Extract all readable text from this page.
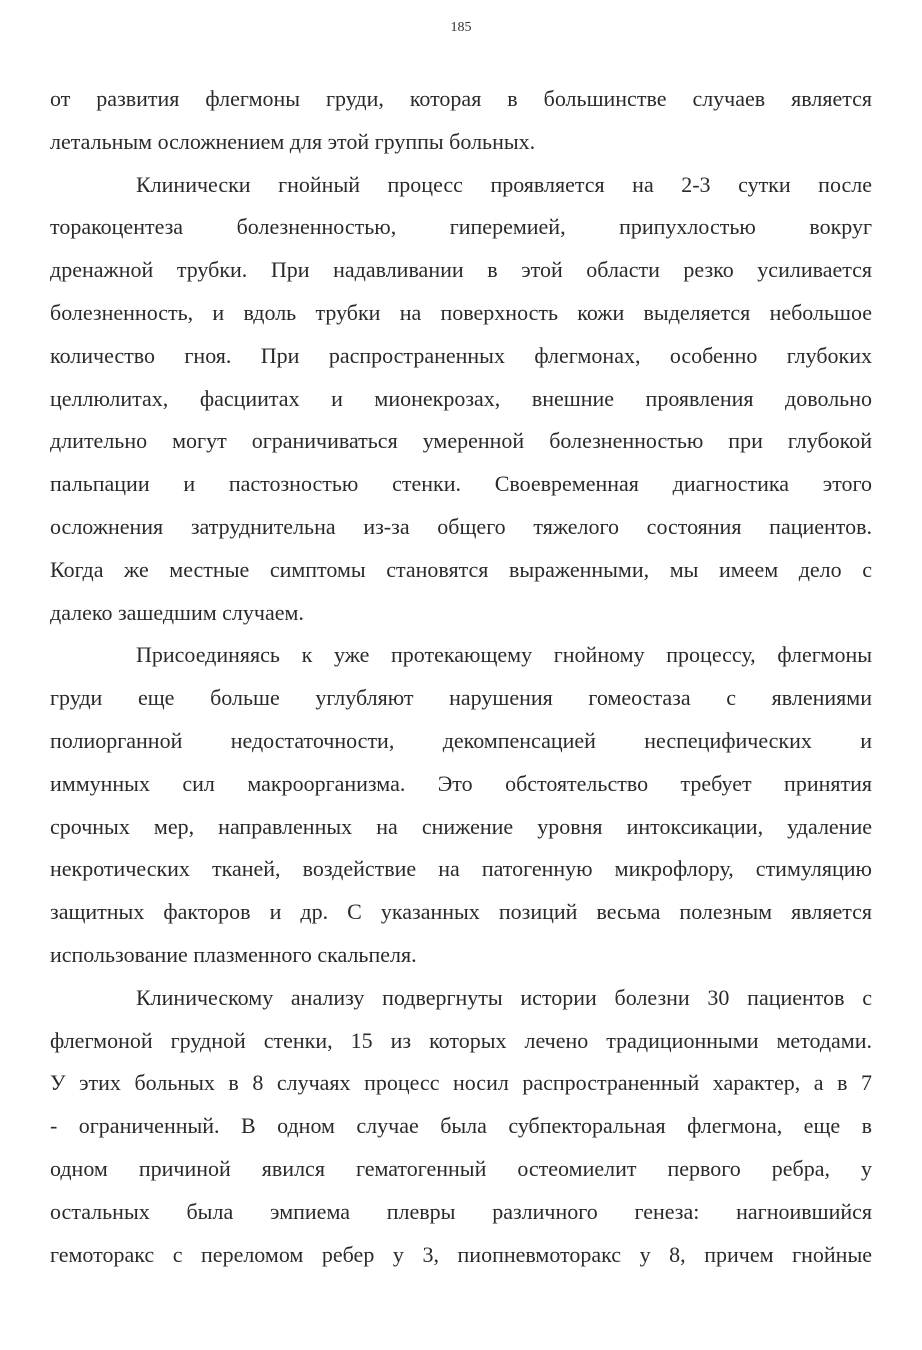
185
от развития флегмоны груди, которая в большинстве случаев является
летальным осложнением для этой группы больных.
Клинически гнойный процесс проявляется на 2-3 сутки после
торакоцентеза болезненностью, гиперемией, припухлостью вокруг
дренажной трубки. При надавливании в этой области резко усиливается
болезненность, и вдоль трубки на поверхность кожи выделяется небольшое
количество гноя. При распространенных флегмонах, особенно глубоких
целлюлитах, фасциитах и мионекрозах, внешние проявления довольно
длительно могут ограничиваться умеренной болезненностью при глубокой
пальпации и пастозностью стенки. Своевременная диагностика этого
осложнения затруднительна из-за общего тяжелого состояния пациентов.
Когда же местные симптомы становятся выраженными, мы имеем дело с
далеко зашедшим случаем.
Присоединяясь к уже протекающему гнойному процессу, флегмоны
груди еще больше углубляют нарушения гомеостаза с явлениями
полиорганной недостаточности, декомпенсацией неспецифических и
иммунных сил макроорганизма. Это обстоятельство требует принятия
срочных мер, направленных на снижение уровня интоксикации, удаление
некротических тканей, воздействие на патогенную микрофлору, стимуляцию
защитных факторов и др. С указанных позиций весьма полезным является
использование плазменного скальпеля.
Клиническому анализу подвергнуты истории болезни 30 пациентов с
флегмоной грудной стенки, 15 из которых лечено традиционными методами.
У этих больных в 8 случаях процесс носил распространенный характер, а в 7
- ограниченный. В одном случае была субпекторальная флегмона, еще в
одном причиной явился гематогенный остеомиелит первого ребра, у
остальных была эмпиема плевры различного генеза: нагноившийся
гемоторакс с переломом ребер у 3, пиопневмоторакс у 8, причем гнойные
